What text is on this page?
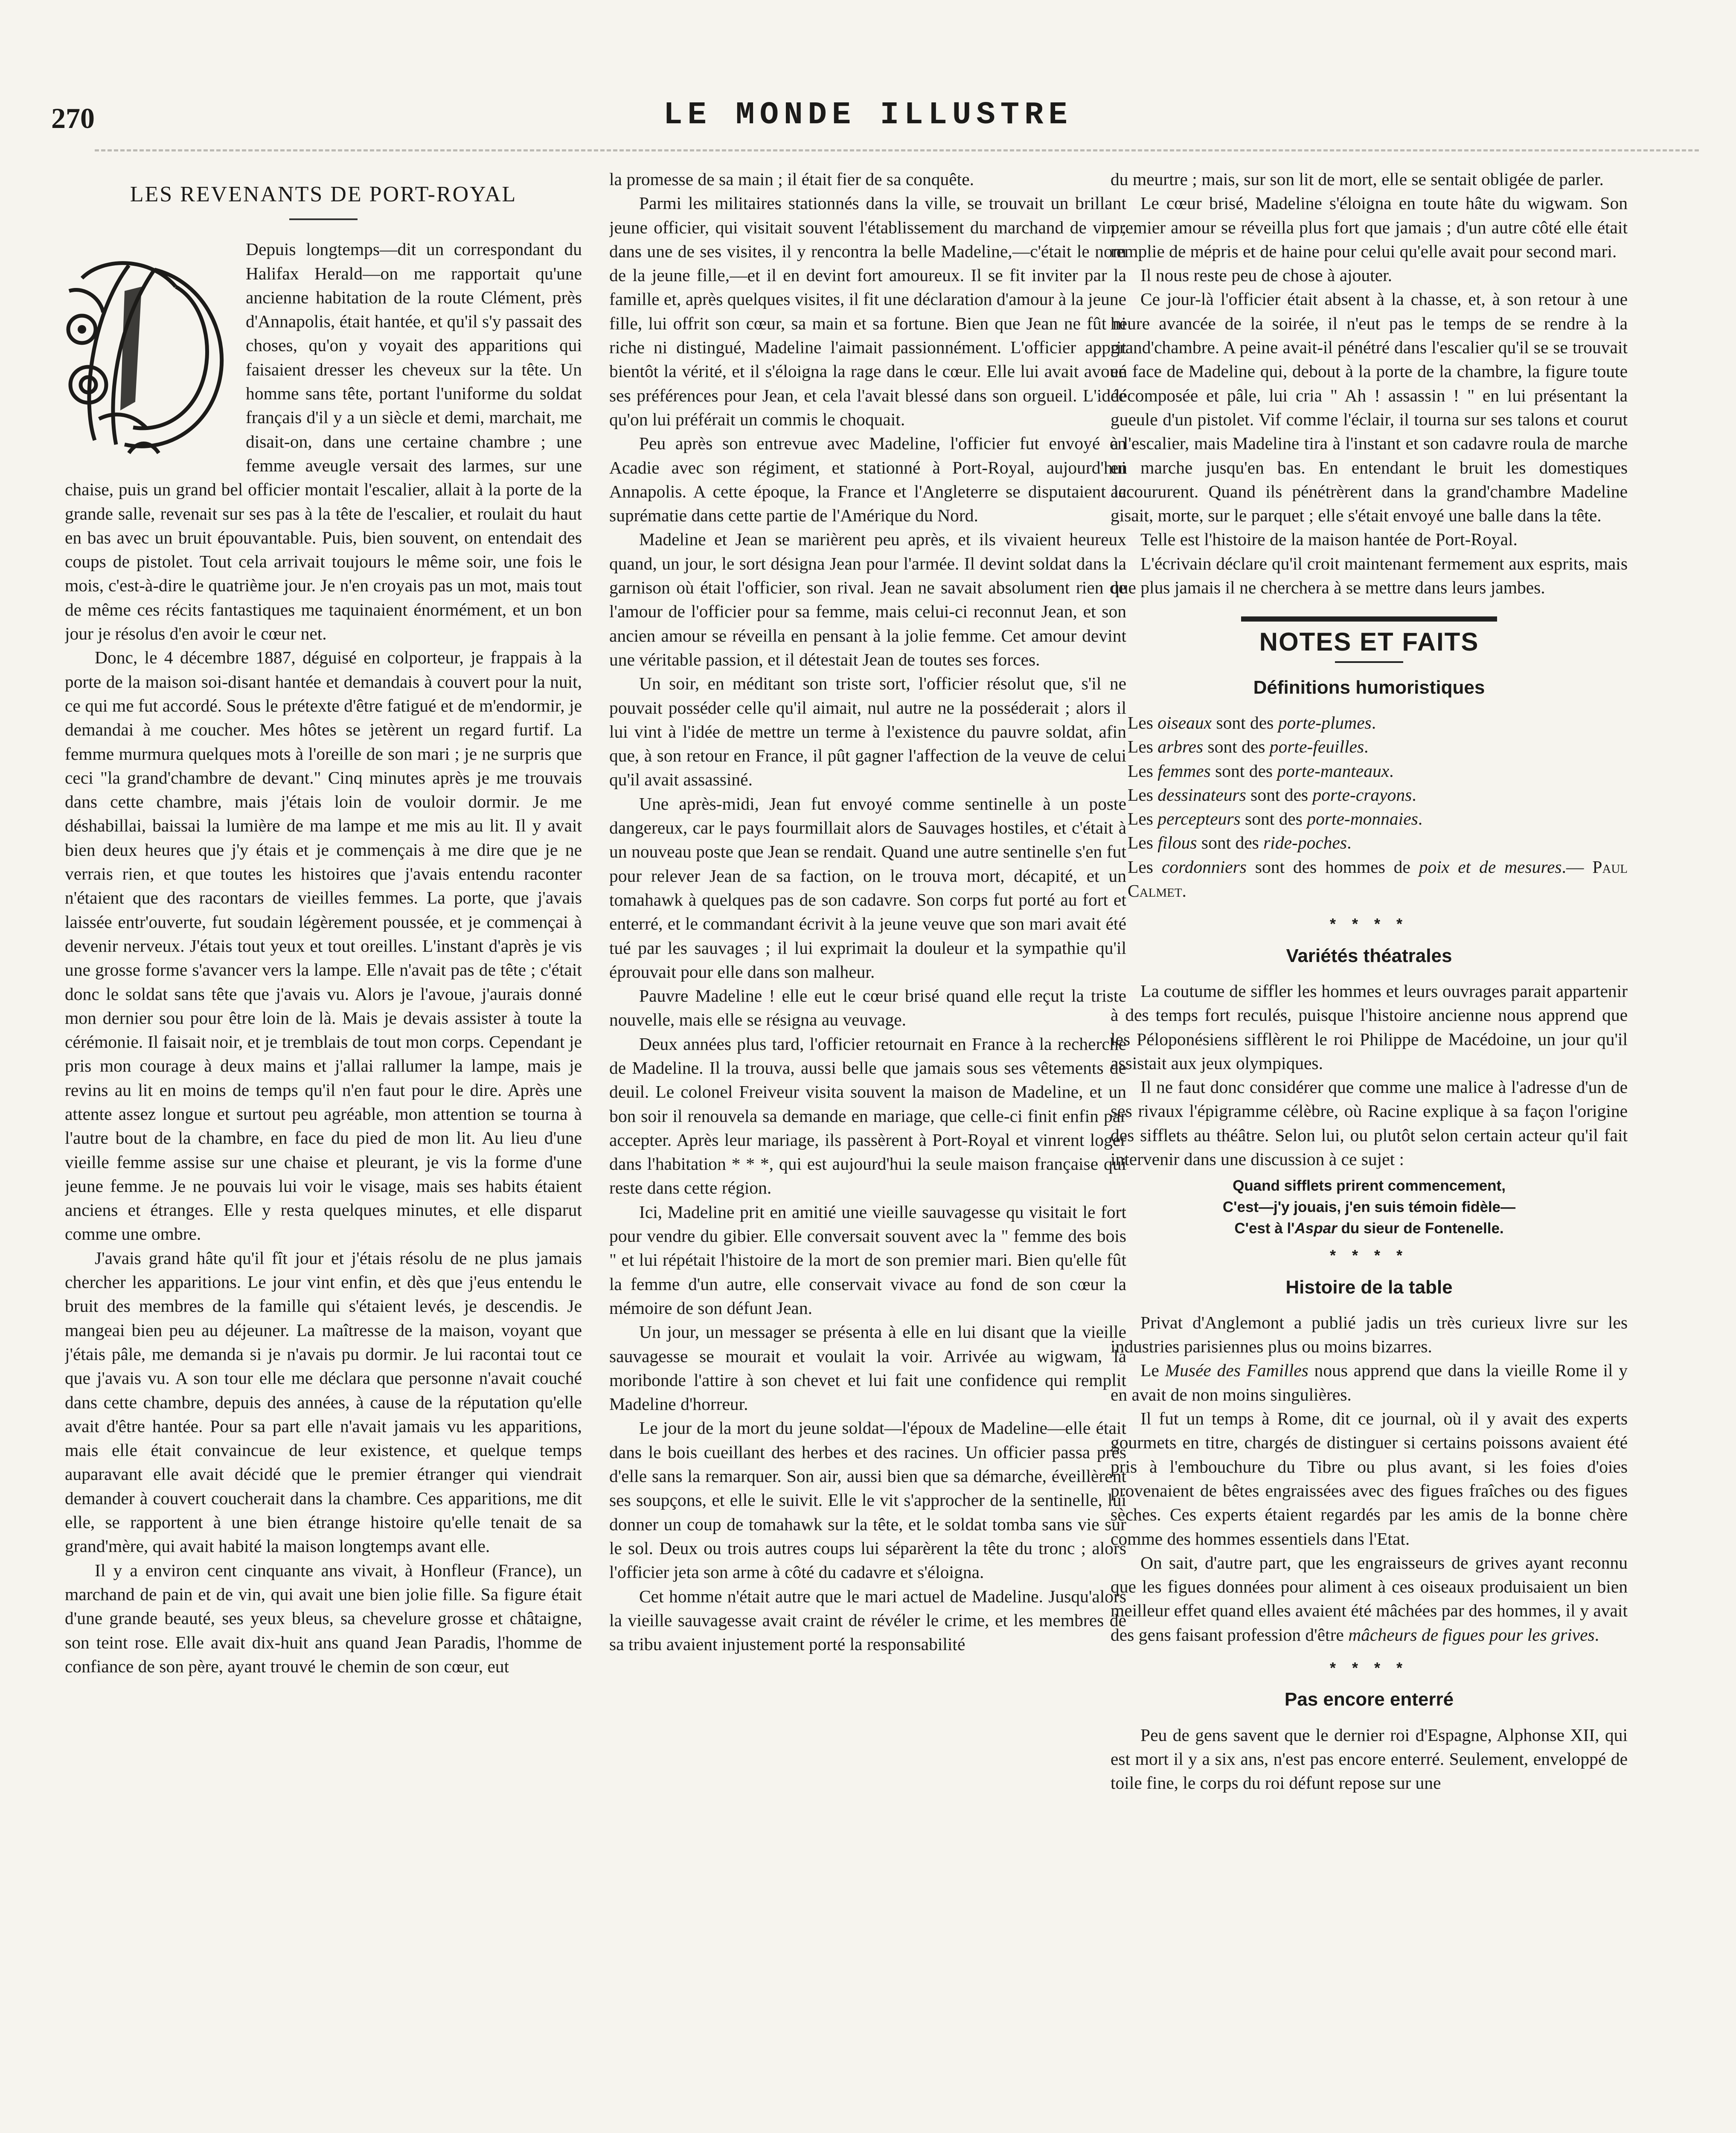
270	LE MONDE ILLUSTRE
LES REVENANTS DE PORT-ROYAL

Depuis longtemps—dit un correspondant du Halifax Herald—on me rapportait qu'une ancienne habitation de la route Clément, près d'Annapolis, était hantée, et qu'il s'y passait des choses, qu'on y voyait des apparitions qui faisaient dresser les cheveux sur la tête. Un homme sans tête, portant l'uniforme du soldat français d'il y a un siècle et demi, marchait, me disait-on, dans une certaine chambre ; une femme aveugle versait des larmes, sur une chaise, puis un grand bel officier montait l'escalier, allait à la porte de la grande salle, revenait sur ses pas à la tête de l'escalier, et roulait du haut en bas avec un bruit épouvantable. Puis, bien souvent, on entendait des coups de pistolet. Tout cela arrivait toujours le même soir, une fois le mois, c'est-à-dire le quatrième jour. Je n'en croyais pas un mot, mais tout de même ces récits fantastiques me taquinaient énormément, et un bon jour je résolus d'en avoir le cœur net.

Donc, le 4 décembre 1887, déguisé en colporteur, je frappais à la porte de la maison soi-disant hantée et demandais à couvert pour la nuit, ce qui me fut accordé. Sous le prétexte d'être fatigué et de m'endormir, je demandai à me coucher. Mes hôtes se jetèrent un regard furtif. La femme murmura quelques mots à l'oreille de son mari ; je ne surpris que ceci "la grand'chambre de devant." Cinq minutes après je me trouvais dans cette chambre, mais j'étais loin de vouloir dormir. Je me déshabillai, baissai la lumière de ma lampe et me mis au lit. Il y avait bien deux heures que j'y étais et je commençais à me dire que je ne verrais rien, et que toutes les histoires que j'avais entendu raconter n'étaient que des racontars de vieilles femmes. La porte, que j'avais laissée entr'ouverte, fut soudain légèrement poussée, et je commençai à devenir nerveux. J'étais tout yeux et tout oreilles. L'instant d'après je vis une grosse forme s'avancer vers la lampe. Elle n'avait pas de tête ; c'était donc le soldat sans tête que j'avais vu. Alors je l'avoue, j'aurais donné mon dernier sou pour être loin de là. Mais je devais assister à toute la cérémonie. Il faisait noir, et je tremblais de tout mon corps. Cependant je pris mon courage à deux mains et j'allai rallumer la lampe, mais je revins au lit en moins de temps qu'il n'en faut pour le dire. Après une attente assez longue et surtout peu agréable, mon attention se tourna à l'autre bout de la chambre, en face du pied de mon lit. Au lieu d'une vieille femme assise sur une chaise et pleurant, je vis la forme d'une jeune femme. Je ne pouvais lui voir le visage, mais ses habits étaient anciens et étranges. Elle y resta quelques minutes, et elle disparut comme une ombre.

J'avais grand hâte qu'il fît jour et j'étais résolu de ne plus jamais chercher les apparitions. Le jour vint enfin, et dès que j'eus entendu le bruit des membres de la famille qui s'étaient levés, je descendis. Je mangeai bien peu au déjeuner. La maîtresse de la maison, voyant que j'étais pâle, me demanda si je n'avais pu dormir. Je lui racontai tout ce que j'avais vu. A son tour elle me déclara que personne n'avait couché dans cette chambre, depuis des années, à cause de la réputation qu'elle avait d'être hantée. Pour sa part elle n'avait jamais vu les apparitions, mais elle était convaincue de leur existence, et quelque temps auparavant elle avait décidé que le premier étranger qui viendrait demander à couvert coucherait dans la chambre. Ces apparitions, me dit elle, se rapportent à une bien étrange histoire qu'elle tenait de sa grand'mère, qui avait habité la maison longtemps avant elle.

Il y a environ cent cinquante ans vivait, à Honfleur (France), un marchand de pain et de vin, qui avait une bien jolie fille. Sa figure était d'une grande beauté, ses yeux bleus, sa chevelure grosse et châtaigne, son teint rose. Elle avait dix-huit ans quand Jean Paradis, l'homme de confiance de son père, ayant trouvé le chemin de son cœur, eut

la promesse de sa main ; il était fier de sa conquête.

Parmi les militaires stationnés dans la ville, se trouvait un brillant jeune officier, qui visitait souvent l'établissement du marchand de vin ; dans une de ses visites, il y rencontra la belle Madeline,—c'était le nom de la jeune fille,—et il en devint fort amoureux. Il se fit inviter par la famille et, après quelques visites, il fit une déclaration d'amour à la jeune fille, lui offrit son cœur, sa main et sa fortune. Bien que Jean ne fût ni riche ni distingué, Madeline l'aimait passionnément. L'officier apprit bientôt la vérité, et il s'éloigna la rage dans le cœur. Elle lui avait avoué ses préférences pour Jean, et cela l'avait blessé dans son orgueil. L'idée qu'on lui préférait un commis le choquait.

Peu après son entrevue avec Madeline, l'officier fut envoyé en Acadie avec son régiment, et stationné à Port-Royal, aujourd'hui Annapolis. A cette époque, la France et l'Angleterre se disputaient la suprématie dans cette partie de l'Amérique du Nord.

Madeline et Jean se marièrent peu après, et ils vivaient heureux quand, un jour, le sort désigna Jean pour l'armée. Il devint soldat dans la garnison où était l'officier, son rival. Jean ne savait absolument rien de l'amour de l'officier pour sa femme, mais celui-ci reconnut Jean, et son ancien amour se réveilla en pensant à la jolie femme. Cet amour devint une véritable passion, et il détestait Jean de toutes ses forces.

Un soir, en méditant son triste sort, l'officier résolut que, s'il ne pouvait posséder celle qu'il aimait, nul autre ne la posséderait ; alors il lui vint à l'idée de mettre un terme à l'existence du pauvre soldat, afin que, à son retour en France, il pût gagner l'affection de la veuve de celui qu'il avait assassiné.

Une après-midi, Jean fut envoyé comme sentinelle à un poste dangereux, car le pays fourmillait alors de Sauvages hostiles, et c'était à un nouveau poste que Jean se rendait. Quand une autre sentinelle s'en fut pour relever Jean de sa faction, on le trouva mort, décapité, et un tomahawk à quelques pas de son cadavre. Son corps fut porté au fort et enterré, et le commandant écrivit à la jeune veuve que son mari avait été tué par les sauvages ; il lui exprimait la douleur et la sympathie qu'il éprouvait pour elle dans son malheur.

Pauvre Madeline ! elle eut le cœur brisé quand elle reçut la triste nouvelle, mais elle se résigna au veuvage.

Deux années plus tard, l'officier retournait en France à la recherche de Madeline. Il la trouva, aussi belle que jamais sous ses vêtements de deuil. Le colonel Freiveur visita souvent la maison de Madeline, et un bon soir il renouvela sa demande en mariage, que celle-ci finit enfin par accepter. Après leur mariage, ils passèrent à Port-Royal et vinrent loger dans l'habitation * * *, qui est aujourd'hui la seule maison française qui reste dans cette région.

Ici, Madeline prit en amitié une vieille sauvagesse qu visitait le fort pour vendre du gibier. Elle conversait souvent avec la " femme des bois " et lui répétait l'histoire de la mort de son premier mari. Bien qu'elle fût la femme d'un autre, elle conservait vivace au fond de son cœur la mémoire de son défunt Jean.

Un jour, un messager se présenta à elle en lui disant que la vieille sauvagesse se mourait et voulait la voir. Arrivée au wigwam, la moribonde l'attire à son chevet et lui fait une confidence qui remplit Madeline d'horreur.

Le jour de la mort du jeune soldat—l'époux de Madeline—elle était dans le bois cueillant des herbes et des racines. Un officier passa près d'elle sans la remarquer. Son air, aussi bien que sa démarche, éveillèrent ses soupçons, et elle le suivit. Elle le vit s'approcher de la sentinelle, lui donner un coup de tomahawk sur la tête, et le soldat tomba sans vie sur le sol. Deux ou trois autres coups lui séparèrent la tête du tronc ; alors l'officier jeta son arme à côté du cadavre et s'éloigna.

Cet homme n'était autre que le mari actuel de Madeline. Jusqu'alors la vieille sauvagesse avait craint de révéler le crime, et les membres de sa tribu avaient injustement porté la responsabilité

du meurtre ; mais, sur son lit de mort, elle se sentait obligée de parler.

Le cœur brisé, Madeline s'éloigna en toute hâte du wigwam. Son premier amour se réveilla plus fort que jamais ; d'un autre côté elle était remplie de mépris et de haine pour celui qu'elle avait pour second mari.

Il nous reste peu de chose à ajouter.

Ce jour-là l'officier était absent à la chasse, et, à son retour à une heure avancée de la soirée, il n'eut pas le temps de se rendre à la grand'chambre. A peine avait-il pénétré dans l'escalier qu'il se se trouvait en face de Madeline qui, debout à la porte de la chambre, la figure toute décomposée et pâle, lui cria " Ah ! assassin ! " en lui présentant la gueule d'un pistolet. Vif comme l'éclair, il tourna sur ses talons et courut à l'escalier, mais Madeline tira à l'instant et son cadavre roula de marche en marche jusqu'en bas. En entendant le bruit les domestiques accoururent. Quand ils pénétrèrent dans la grand'chambre Madeline gisait, morte, sur le parquet ; elle s'était envoyé une balle dans la tête.

Telle est l'histoire de la maison hantée de Port-Royal.

L'écrivain déclare qu'il croit maintenant fermement aux esprits, mais que plus jamais il ne cherchera à se mettre dans leurs jambes.

NOTES ET FAITS
Définitions humoristiques
Les oiseaux sont des porte-plumes.
Les arbres sont des porte-feuilles.
Les femmes sont des porte-manteaux.
Les dessinateurs sont des porte-crayons.
Les percepteurs sont des porte-monnaies.
Les filous sont des ride-poches.
Les cordonniers sont des hommes de poix et de mesures.— Paul Calmet.
* * * *
Variétés théatrales

La coutume de siffler les hommes et leurs ouvrages parait appartenir à des temps fort reculés, puisque l'histoire ancienne nous apprend que les Péloponésiens sifflèrent le roi Philippe de Macédoine, un jour qu'il assistait aux jeux olympiques.

Il ne faut donc considérer que comme une malice à l'adresse d'un de ses rivaux l'épigramme célèbre, où Racine explique à sa façon l'origine des sifflets au théâtre. Selon lui, ou plutôt selon certain acteur qu'il fait intervenir dans une discussion à ce sujet :

Quand sifflets prirent commencement,
C'est—j'y jouais, j'en suis témoin fidèle—
C'est à l'Aspar du sieur de Fontenelle.
* * * *
Histoire de la table

Privat d'Anglemont a publié jadis un très curieux livre sur les industries parisiennes plus ou moins bizarres.

Le Musée des Familles nous apprend que dans la vieille Rome il y en avait de non moins singulières.

Il fut un temps à Rome, dit ce journal, où il y avait des experts gourmets en titre, chargés de distinguer si certains poissons avaient été pris à l'embouchure du Tibre ou plus avant, si les foies d'oies provenaient de bêtes engraissées avec des figues fraîches ou des figues sèches. Ces experts étaient regardés par les amis de la bonne chère comme des hommes essentiels dans l'Etat.

On sait, d'autre part, que les engraisseurs de grives ayant reconnu que les figues données pour aliment à ces oiseaux produisaient un bien meilleur effet quand elles avaient été mâchées par des hommes, il y avait des gens faisant profession d'être mâcheurs de figues pour les grives.

* * * *
Pas encore enterré

Peu de gens savent que le dernier roi d'Espagne, Alphonse XII, qui est mort il y a six ans, n'est pas encore enterré. Seulement, enveloppé de toile fine, le corps du roi défunt repose sur une
